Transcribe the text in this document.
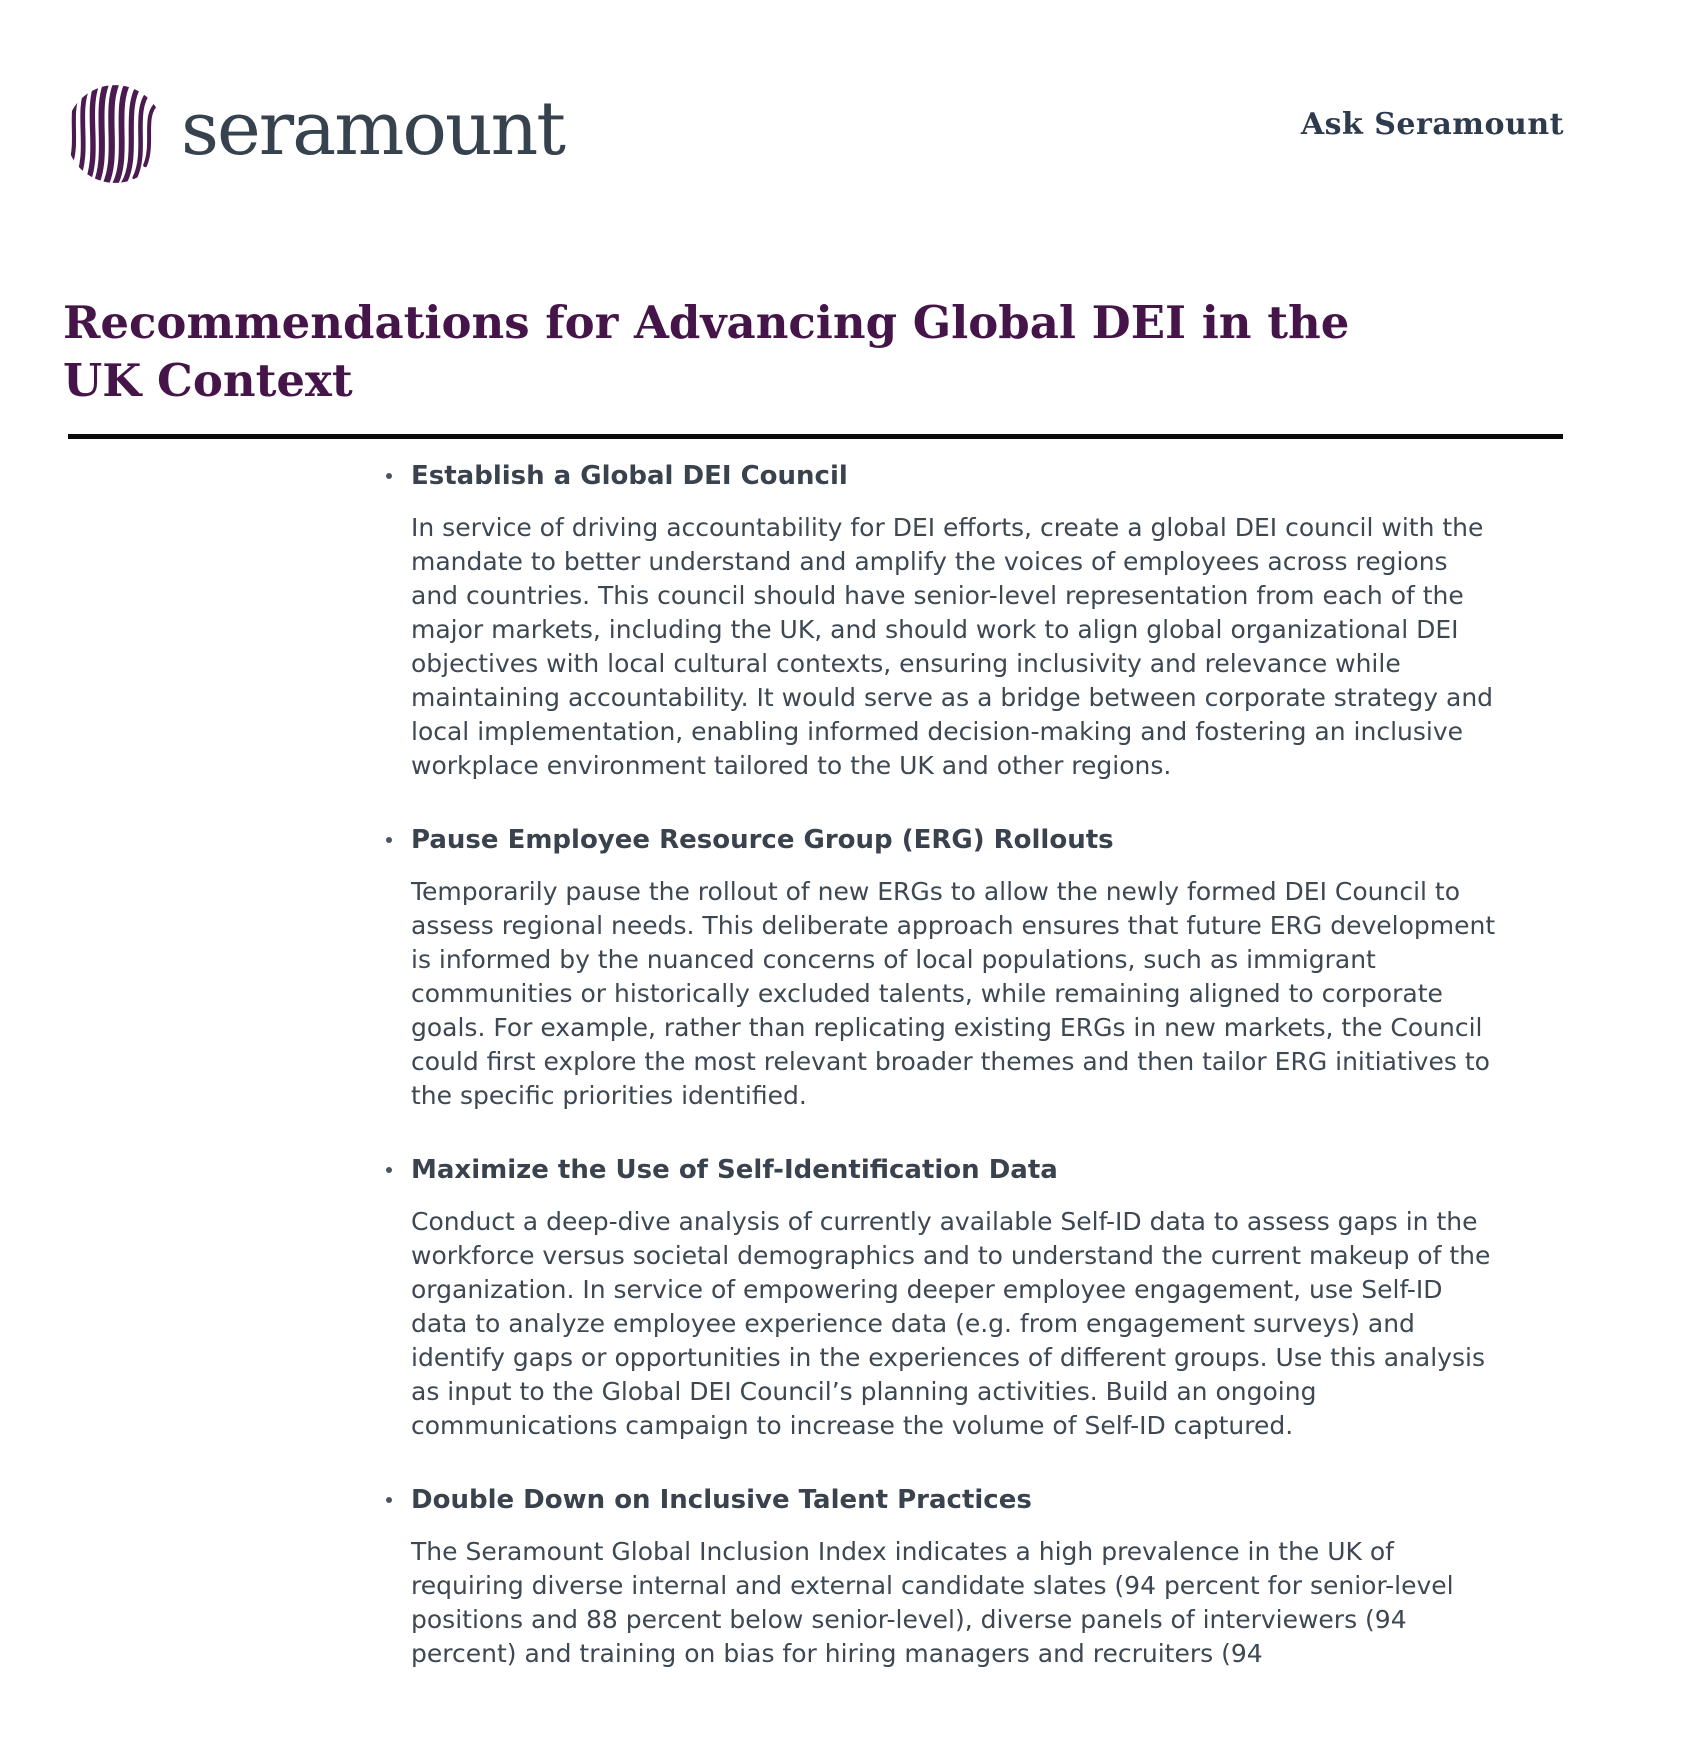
seramount	Ask Seramount
Recommendations for Advancing Global DEI in the UK Context
Establish a Global DEI Council

In service of driving accountability for DEI efforts, create a global DEI council with the mandate to better understand and amplify the voices of employees across regions and countries. This council should have senior-level representation from each of the major markets, including the UK, and should work to align global organizational DEI objectives with local cultural contexts, ensuring inclusivity and relevance while maintaining accountability. It would serve as a bridge between corporate strategy and local implementation, enabling informed decision-making and fostering an inclusive workplace environment tailored to the UK and other regions.

Pause Employee Resource Group (ERG) Rollouts

Temporarily pause the rollout of new ERGs to allow the newly formed DEI Council to assess regional needs. This deliberate approach ensures that future ERG development is informed by the nuanced concerns of local populations, such as immigrant communities or historically excluded talents, while remaining aligned to corporate goals. For example, rather than replicating existing ERGs in new markets, the Council could first explore the most relevant broader themes and then tailor ERG initiatives to the specific priorities identified.

Maximize the Use of Self-Identification Data

Conduct a deep-dive analysis of currently available Self-ID data to assess gaps in the workforce versus societal demographics and to understand the current makeup of the organization. In service of empowering deeper employee engagement, use Self-ID data to analyze employee experience data (e.g. from engagement surveys) and identify gaps or opportunities in the experiences of different groups. Use this analysis as input to the Global DEI Council’s planning activities. Build an ongoing communications campaign to increase the volume of Self-ID captured.

Double Down on Inclusive Talent Practices

The Seramount Global Inclusion Index indicates a high prevalence in the UK of requiring diverse internal and external candidate slates (94 percent for senior-level positions and 88 percent below senior-level), diverse panels of interviewers (94 percent) and training on bias for hiring managers and recruiters (94
